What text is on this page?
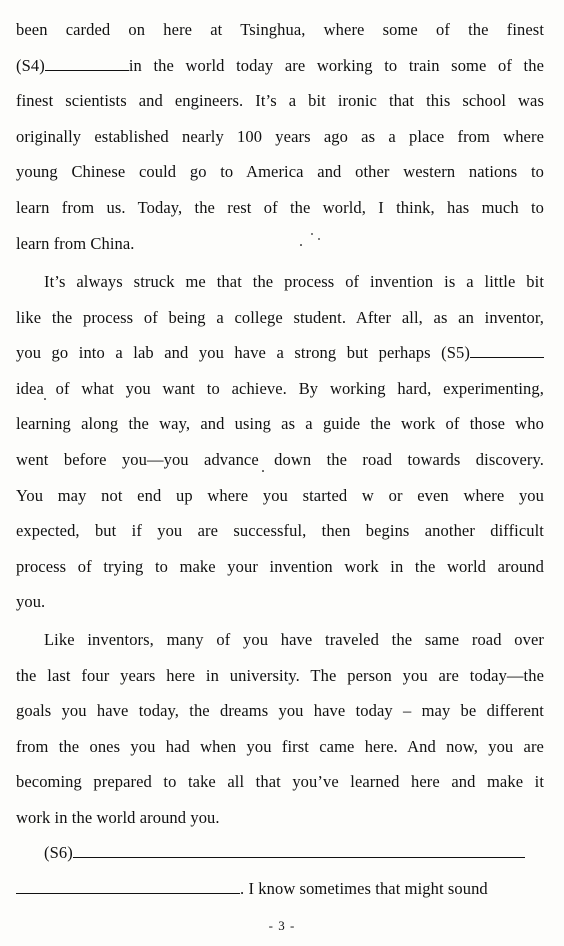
been carded on here at Tsinghua, where some of the finest
(S4)	in the world today are working to train some of the
finest scientists and engineers. It’s a bit ironic that this school was
originally established nearly 100 years ago as a place from where
young Chinese could go to America and other western nations to
learn from us. Today, the rest of the world, I think, has much to
learn from China.
It’s always struck me that the process of invention is a little bit
like the process of being a college student. After all, as an inventor,
you go into a lab and you have a strong but perhaps (S5)
idea of what you want to achieve. By working hard, experimenting,
learning along the way, and using as a guide the work of those who
went before you—you advance down the road towards discovery.
You may not end up where you started w or even where you
expected, but if you are successful, then begins another difficult
process of trying to make your invention work in the world around
you.
Like inventors, many of you have traveled the same road over
the last four years here in university. The person you are today—the
goals you have today, the dreams you have today – may be different
from the ones you had when you first came here. And now, you are
becoming prepared to take all that you’ve learned here and make it
work in the world around you.
(S6)
. I know sometimes that might sound
- 3 -
